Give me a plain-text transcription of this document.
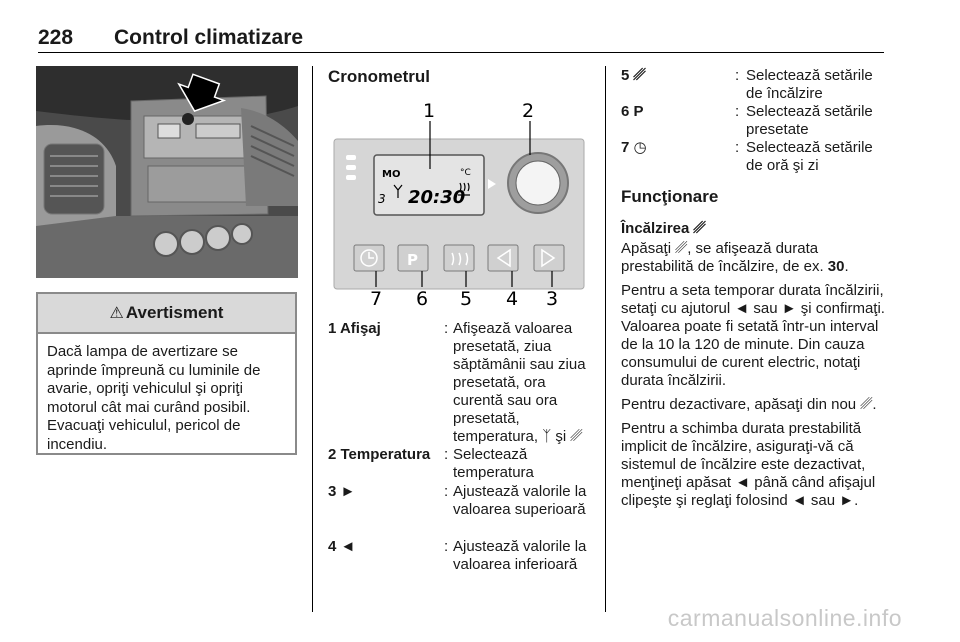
228 Control climatizare
⚠ Avertisment
Dacă lampa de avertizare se aprinde împreună cu luminile de avarie, opriţi vehiculul şi opriţi motorul cât mai curând posibil. Evacuaţi vehiculul, pericol de incendiu.
Cronometrul
MO	°C
3 20:30
P
1	2
7 6 5 4 3
1 Afişaj	: Afişează valoarea presetată, ziua săptămânii sau ziua presetată, ora curentă sau ora presetată, temperatura, ᛉ şi ␥
2 Temperatura : Selectează temperatura
3 ►	: Ajustează valorile la valoarea superioară
4 ◄	: Ajustează valorile la valoarea inferioară
5 ␥	: Selectează setările de încălzire
6 P	: Selectează setările presetate
7 ◷	: Selectează setările de oră şi zi
Funcţionare

Încălzirea ␥

Apăsaţi ␥, se afişează durata prestabilită de încălzire, de ex. 30.

Pentru a seta temporar durata încălzirii, setaţi cu ajutorul ◄ sau ► şi confirmaţi. Valoarea poate fi setată într-un interval de la 10 la 120 de minute. Din cauza consumului de curent electric, notaţi durata încălzirii.

Pentru dezactivare, apăsaţi din nou ␥.

Pentru a schimba durata prestabilită implicit de încălzire, asiguraţi-vă că sistemul de încălzire este dezactivat, menţineţi apăsat ◄ până când afişajul clipeşte şi reglaţi folosind ◄ sau ►.

carmanualsonline.info
